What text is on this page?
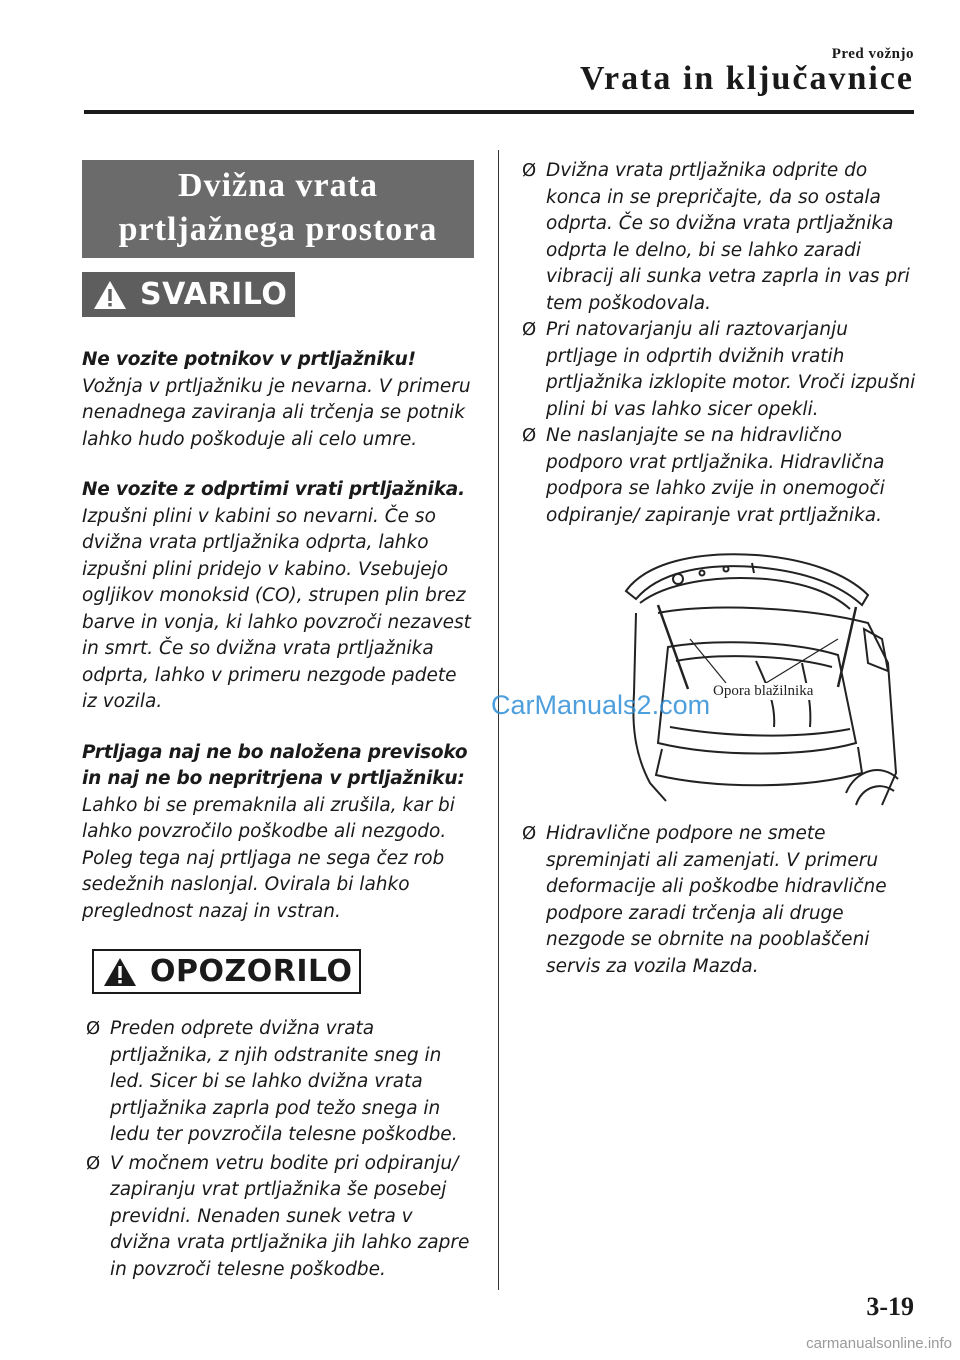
Pred vožnjo
Vrata in ključavnice
Dvižna vrata prtljažnega prostora
SVARILO

Ne vozite potnikov v prtljažniku!

Vožnja v prtljažniku je nevarna. V primeru nenadnega zaviranja ali trčenja se potnik lahko hudo poškoduje ali celo umre.

Ne vozite z odprtimi vrati prtljažnika.

Izpušni plini v kabini so nevarni. Če so dvižna vrata prtljažnika odprta, lahko izpušni plini pridejo v kabino. Vsebujejo ogljikov monoksid (CO), strupen plin brez barve in vonja, ki lahko povzroči nezavest in smrt. Če so dvižna vrata prtljažnika odprta, lahko v primeru nezgode padete iz vozila.

Prtljaga naj ne bo naložena previsoko in naj ne bo nepritrjena v prtljažniku:

Lahko bi se premaknila ali zrušila, kar bi lahko povzročilo poškodbe ali nezgodo. Poleg tega naj prtljaga ne sega čez rob sedežnih naslonjal. Ovirala bi lahko preglednost nazaj in vstran.

OPOZORILO
Ø Preden odprete dvižna vrata prtljažnika, z njih odstranite sneg in led. Sicer bi se lahko dvižna vrata prtljažnika zaprla pod težo snega in ledu ter povzročila telesne poškodbe.

Ø V močnem vetru bodite pri odpiranju/ zapiranju vrat prtljažnika še posebej previdni. Nenaden sunek vetra v dvižna vrata prtljažnika jih lahko zapre in povzroči telesne poškodbe.

Ø Dvižna vrata prtljažnika odprite do konca in se prepričajte, da so ostala odprta. Če so dvižna vrata prtljažnika odprta le delno, bi se lahko zaradi vibracij ali sunka vetra zaprla in vas pri tem poškodovala.

Ø Pri natovarjanju ali raztovarjanju prtljage in odprtih dvižnih vratih prtljažnika izklopite motor. Vroči izpušni plini bi vas lahko sicer opekli.

Ø Ne naslanjajte se na hidravlično podporo vrat prtljažnika. Hidravlična podpora se lahko zvije in onemogoči odpiranje/ zapiranje vrat prtljažnika.

Opora blažilnika
Ø Hidravlične podpore ne smete spreminjati ali zamenjati. V primeru deformacije ali poškodbe hidravlične podpore zaradi trčenja ali druge nezgode se obrnite na pooblaščeni servis za vozila Mazda.

CarManuals2.com
3-19
carmanualsonline.info
